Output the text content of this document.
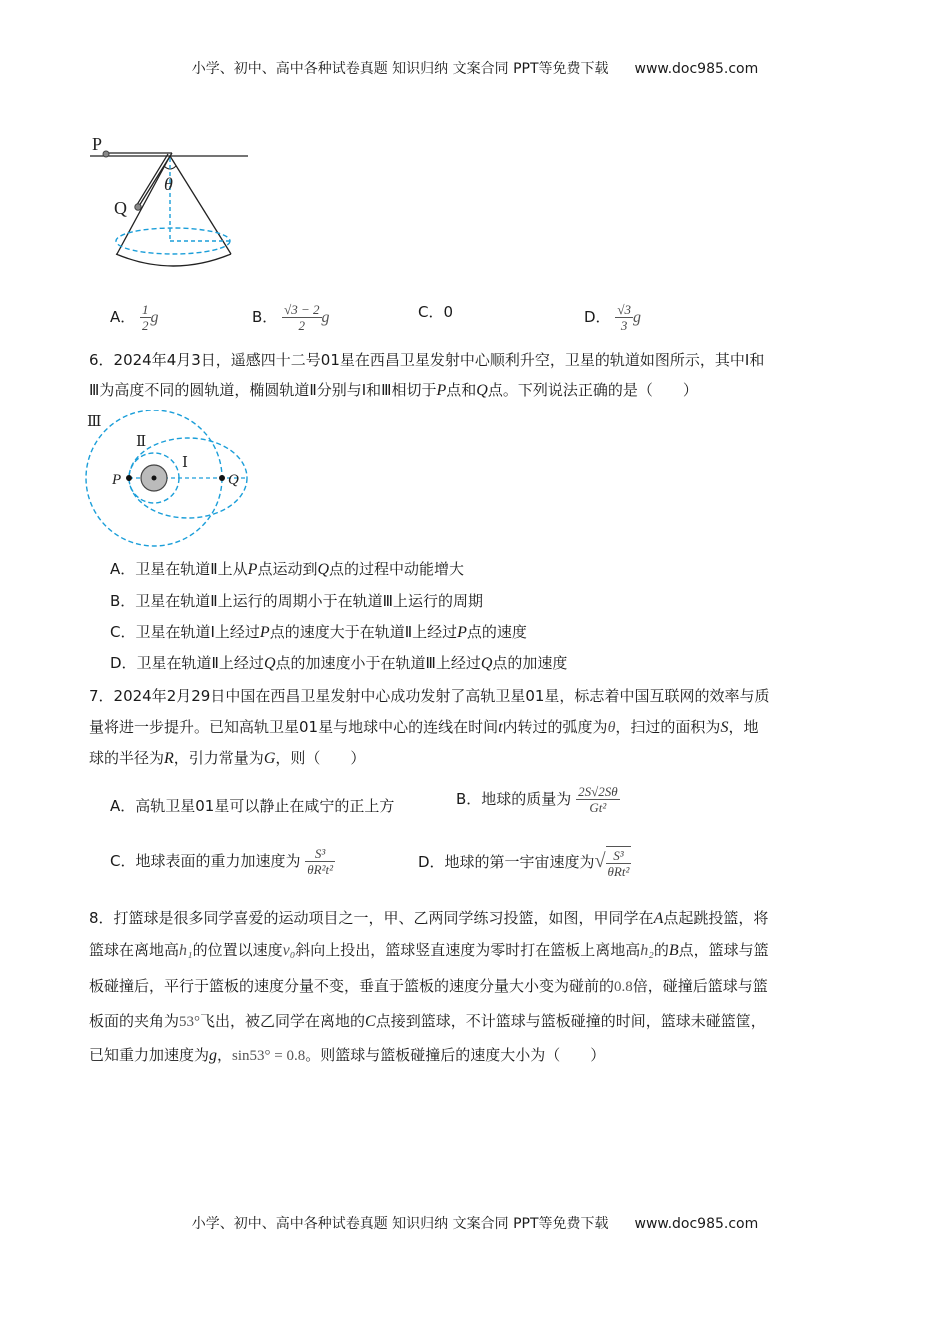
小学、初中、高中各种试卷真题 知识归纳 文案合同 PPT等免费下载 www.doc985.com
P
Q
θ
A． $\frac{1}{2}$ g	B． $\frac{√3 - 2}{2}$ g	C．0	D． $\frac{√3}{3}$ g
6．2024年4月3日，遥感四十二号01星在西昌卫星发射中心顺利升空，卫星的轨道如图所示，其中Ⅰ和
Ⅲ为高度不同的圆轨道，椭圆轨道Ⅱ分别与Ⅰ和Ⅲ相切于P点和Q点。下列说法正确的是（　　）
Ⅲ
Ⅱ
Ⅰ
P	Q
A．卫星在轨道Ⅱ上从P点运动到Q点的过程中动能增大
B．卫星在轨道Ⅱ上运行的周期小于在轨道Ⅲ上运行的周期
C．卫星在轨道Ⅰ上经过P点的速度大于在轨道Ⅱ上经过P点的速度
D．卫星在轨道Ⅱ上经过Q点的加速度小于在轨道Ⅲ上经过Q点的加速度
7．2024年2月29日中国在西昌卫星发射中心成功发射了高轨卫星01星，标志着中国互联网的效率与质
量将进一步提升。已知高轨卫星01星与地球中心的连线在时间t内转过的弧度为θ，扫过的面积为S，地
球的半径为R，引力常量为G，则（　　）
A．高轨卫星01星可以静止在咸宁的正上方	B．地球的质量为 $\frac{2S√2S\theta}{\text{Gt²}}$
C．地球表面的重力加速度为 $\frac{\text{S³}}{\text{θR²t²}}$	D．地球的第一宇宙速度为√ $\frac{\text{S³}}{\text{θRt²}}$
8．打篮球是很多同学喜爱的运动项目之一，甲、乙两同学练习投篮，如图，甲同学在A点起跳投篮，将
篮球在离地高h₁的位置以速度v₀斜向上投出，篮球竖直速度为零时打在篮板上离地高h₂的B点，篮球与篮
板碰撞后，平行于篮板的速度分量不变，垂直于篮板的速度分量大小变为碰前的0.8倍，碰撞后篮球与篮
板面的夹角为53°飞出，被乙同学在离地的C点接到篮球，不计篮球与篮板碰撞的时间，篮球未碰篮筐，
已知重力加速度为g，sin53° = 0.8。则篮球与篮板碰撞后的速度大小为（　　）
小学、初中、高中各种试卷真题 知识归纳 文案合同 PPT等免费下载 www.doc985.com
